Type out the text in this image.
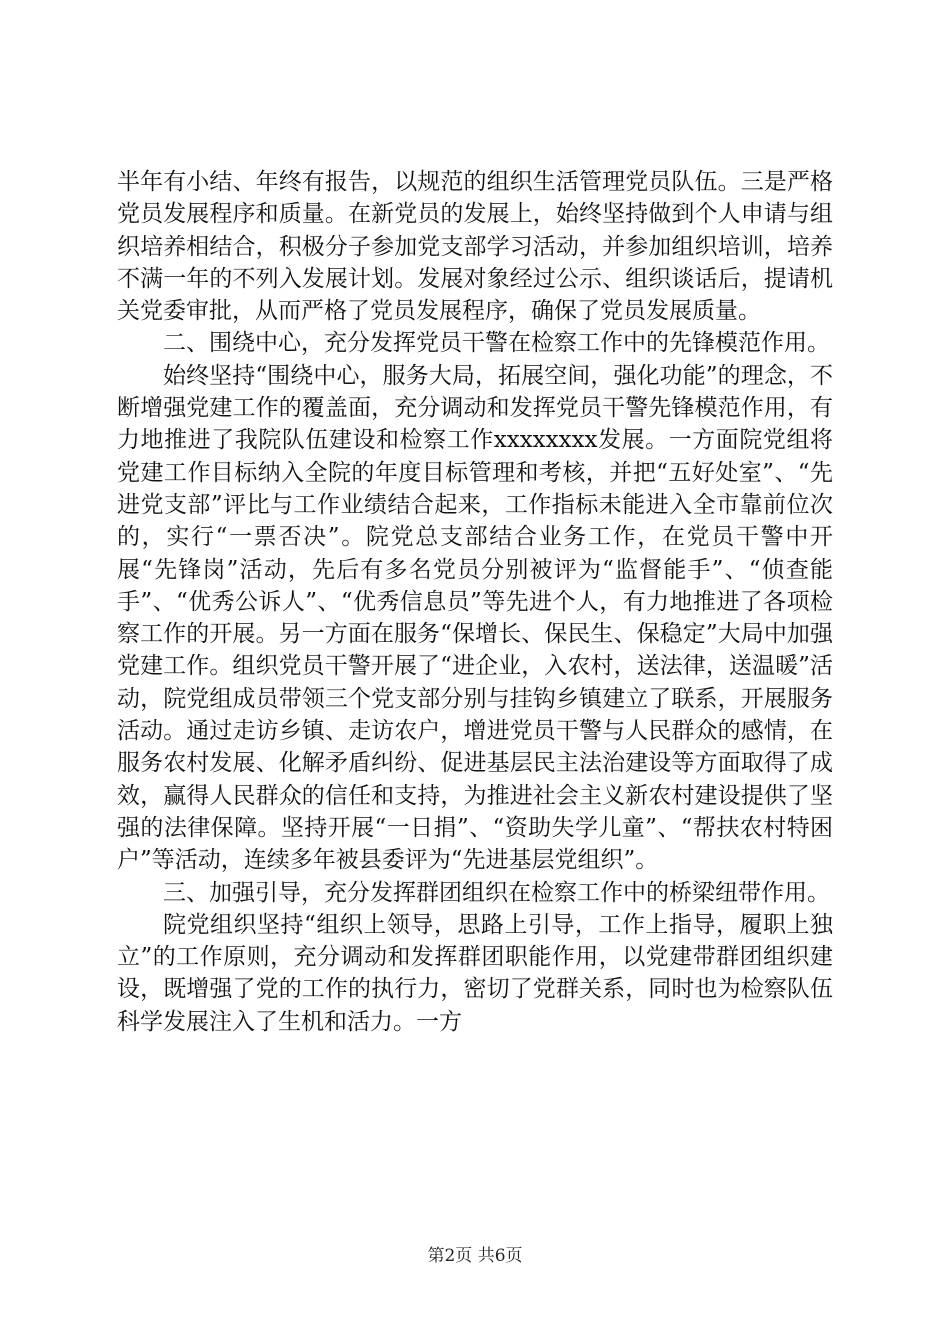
半年有小结、年终有报告，以规范的组织生活管理党员队伍。三是严格党员发展程序和质量。在新党员的发展上，始终坚持做到个人申请与组织培养相结合，积极分子参加党支部学习活动，并参加组织培训，培养不满一年的不列入发展计划。发展对象经过公示、组织谈话后，提请机关党委审批，从而严格了党员发展程序，确保了党员发展质量。

二、围绕中心，充分发挥党员干警在检察工作中的先锋模范作用。

始终坚持“围绕中心，服务大局，拓展空间，强化功能”的理念，不断增强党建工作的覆盖面，充分调动和发挥党员干警先锋模范作用，有力地推进了我院队伍建设和检察工作xxxxxxxx发展。一方面院党组将党建工作目标纳入全院的年度目标管理和考核，并把“五好处室”、“先进党支部”评比与工作业绩结合起来，工作指标未能进入全市靠前位次的，实行“一票否决”。院党总支部结合业务工作，在党员干警中开展“先锋岗”活动，先后有多名党员分别被评为“监督能手”、“侦查能手”、“优秀公诉人”、“优秀信息员”等先进个人，有力地推进了各项检察工作的开展。另一方面在服务“保增长、保民生、保稳定”大局中加强党建工作。组织党员干警开展了“进企业，入农村，送法律，送温暖”活动，院党组成员带领三个党支部分别与挂钩乡镇建立了联系，开展服务活动。通过走访乡镇、走访农户，增进党员干警与人民群众的感情，在服务农村发展、化解矛盾纠纷、促进基层民主法治建设等方面取得了成效，赢得人民群众的信任和支持，为推进社会主义新农村建设提供了坚强的法律保障。坚持开展“一日捐”、“资助失学儿童”、“帮扶农村特困户”等活动，连续多年被县委评为“先进基层党组织”。

三、加强引导，充分发挥群团组织在检察工作中的桥梁纽带作用。

院党组织坚持“组织上领导，思路上引导，工作上指导，履职上独立”的工作原则，充分调动和发挥群团职能作用，以党建带群团组织建设，既增强了党的工作的执行力，密切了党群关系，同时也为检察队伍科学发展注入了生机和活力。一方

第2页 共6页
